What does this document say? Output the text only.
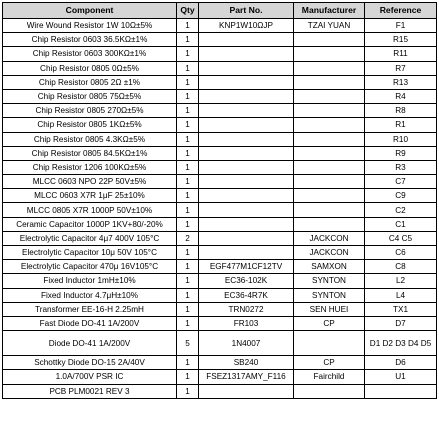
Component	Qty	Part No.	Manufacturer	Reference
Wire Wound Resistor 1W 10Ω±5%	1	KNP1W10ΩJP	TZAI YUAN	F1
Chip Resistor 0603 36.5KΩ±1%	1			R15
Chip Resistor 0603 300KΩ±1%	1			R11
Chip Resistor 0805 0Ω±5%	1			R7
Chip Resistor 0805 2Ω ±1%	1			R13
Chip Resistor 0805 75Ω±5%	1			R4
Chip Resistor 0805 270Ω±5%	1			R8
Chip Resistor 0805 1KΩ±5%	1			R1
Chip Resistor 0805 4.3KΩ±5%	1			R10
Chip Resistor 0805 84.5KΩ±1%	1			R9
Chip Resistor 1206 100KΩ±5%	1			R3
MLCC 0603 NPO 22P 50V±5%	1			C7
MLCC 0603 X7R 1μF 25±10%	1			C9
MLCC 0805 X7R 1000P 50V±10%	1			C2
Ceramic Capacitor 1000P 1KV+80/-20%	1			C1
Electrolytic Capacitor 4μ7 400V 105°C	2		JACKCON	C4 C5
Electrolytic Capacitor 10μ 50V 105°C	1		JACKCON	C6
Electrolytic Capacitor 470μ 16V105°C	1	EGF477M1CF12TV	SAMXON	C8
Fixed Inductor 1mH±10%	1	EC36-102K	SYNTON	L2
Fixed Inductor 4.7μH±10%	1	EC36-4R7K	SYNTON	L4
Transformer EE-16-H 2.25mH	1	TRN0272	SEN HUEI	TX1
Fast Diode DO-41 1A/200V	1	FR103	CP	D7
Diode DO-41 1A/200V	5	1N4007		D1 D2 D3 D4 D5
Schottky Diode DO-15 2A/40V	1	SB240	CP	D6
1.0A/700V PSR IC	1	FSEZ1317AMY_F116	Fairchild	U1
PCB PLM0021 REV 3	1			
